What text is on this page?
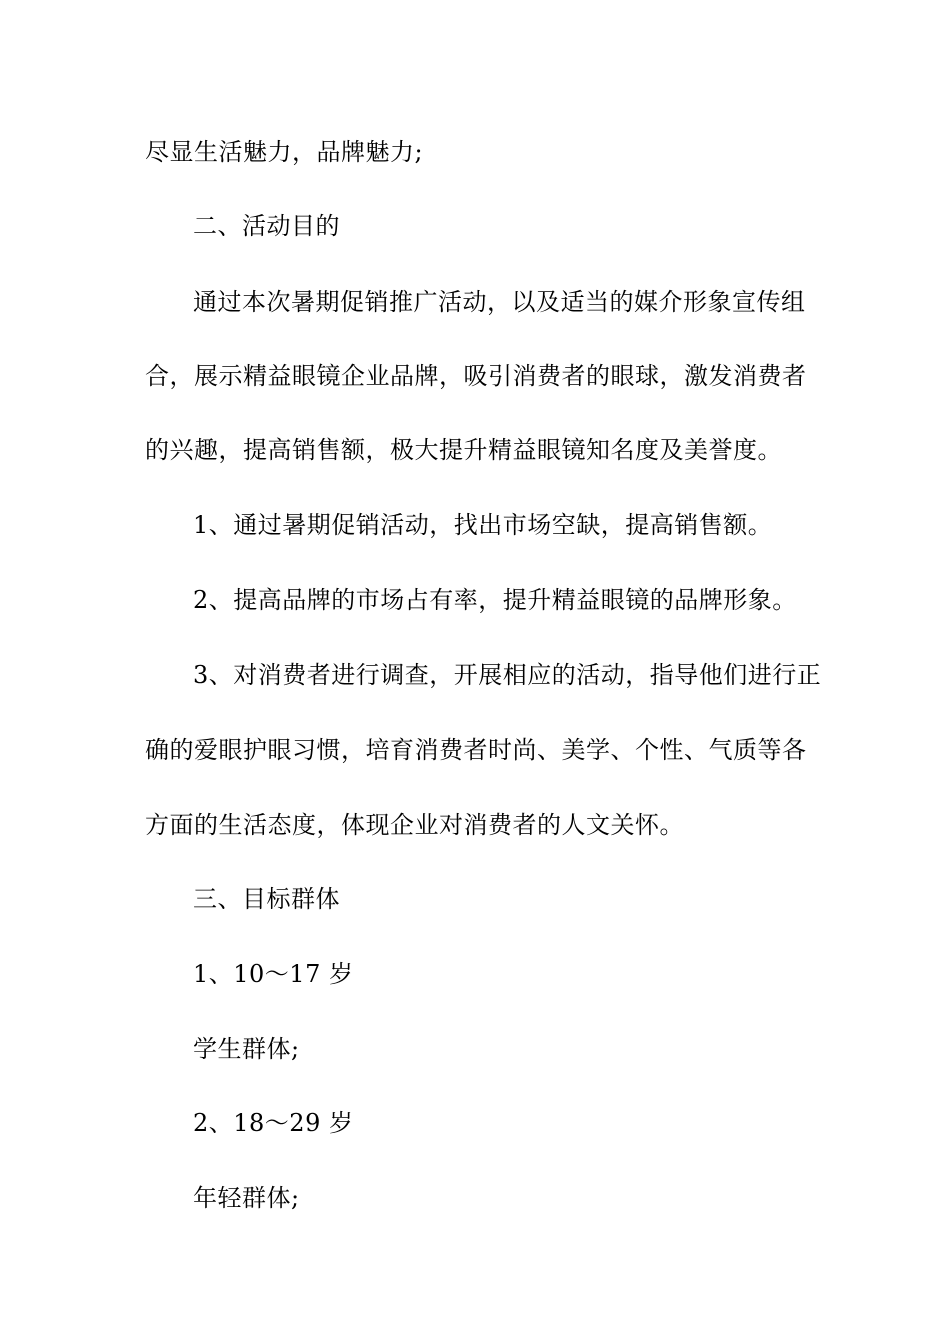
尽显生活魅力，品牌魅力;
二、活动目的
通过本次暑期促销推广活动，以及适当的媒介形象宣传组
合，展示精益眼镜企业品牌，吸引消费者的眼球，激发消费者
的兴趣，提高销售额，极大提升精益眼镜知名度及美誉度。
1、通过暑期促销活动，找出市场空缺，提高销售额。
2、提高品牌的市场占有率，提升精益眼镜的品牌形象。
3、对消费者进行调查，开展相应的活动，指导他们进行正
确的爱眼护眼习惯，培育消费者时尚、美学、个性、气质等各
方面的生活态度，体现企业对消费者的人文关怀。
三、目标群体
1、10～17 岁
学生群体;
2、18～29 岁
年轻群体;
